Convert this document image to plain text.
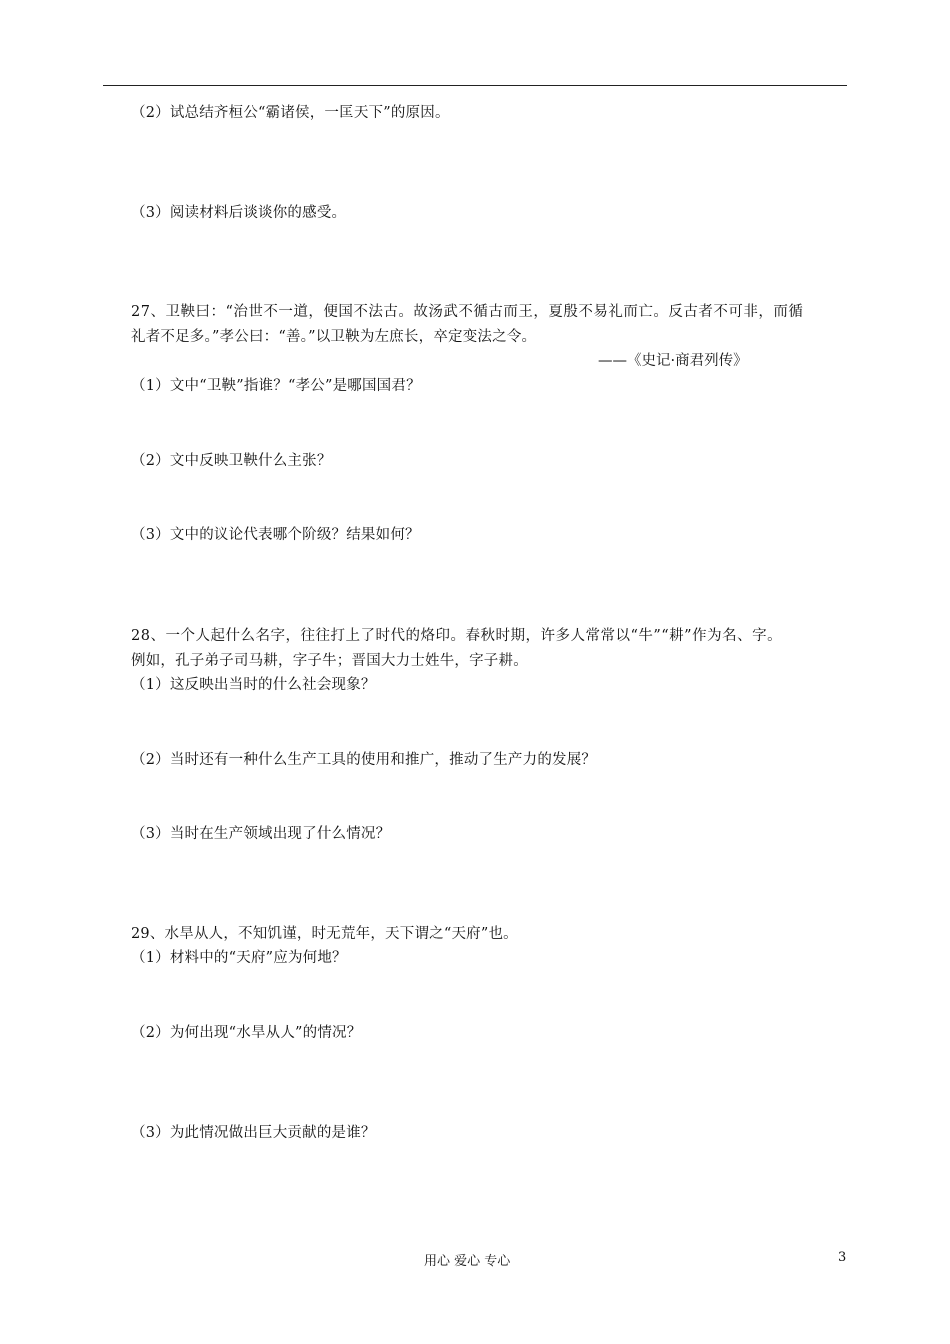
（2）试总结齐桓公“霸诸侯，一匡天下”的原因。
（3）阅读材料后谈谈你的感受。
27、卫鞅曰：“治世不一道，便国不法古。故汤武不循古而王，夏殷不易礼而亡。反古者不可非，而循
礼者不足多。”孝公曰：“善。”以卫鞅为左庶长，卒定变法之令。
——《史记·商君列传》
（1）文中“卫鞅”指谁？“孝公”是哪国国君？
（2）文中反映卫鞅什么主张？
（3）文中的议论代表哪个阶级？结果如何？
28、一个人起什么名字，往往打上了时代的烙印。春秋时期，许多人常常以“牛”“耕”作为名、字。
例如，孔子弟子司马耕，字子牛；晋国大力士姓牛，字子耕。
（1）这反映出当时的什么社会现象？
（2）当时还有一种什么生产工具的使用和推广，推动了生产力的发展？
（3）当时在生产领域出现了什么情况？
29、水旱从人，不知饥谨，时无荒年，天下谓之“天府”也。
（1）材料中的“天府”应为何地？
（2）为何出现“水旱从人”的情况？
（3）为此情况做出巨大贡献的是谁？
用心 爱心 专心	3
